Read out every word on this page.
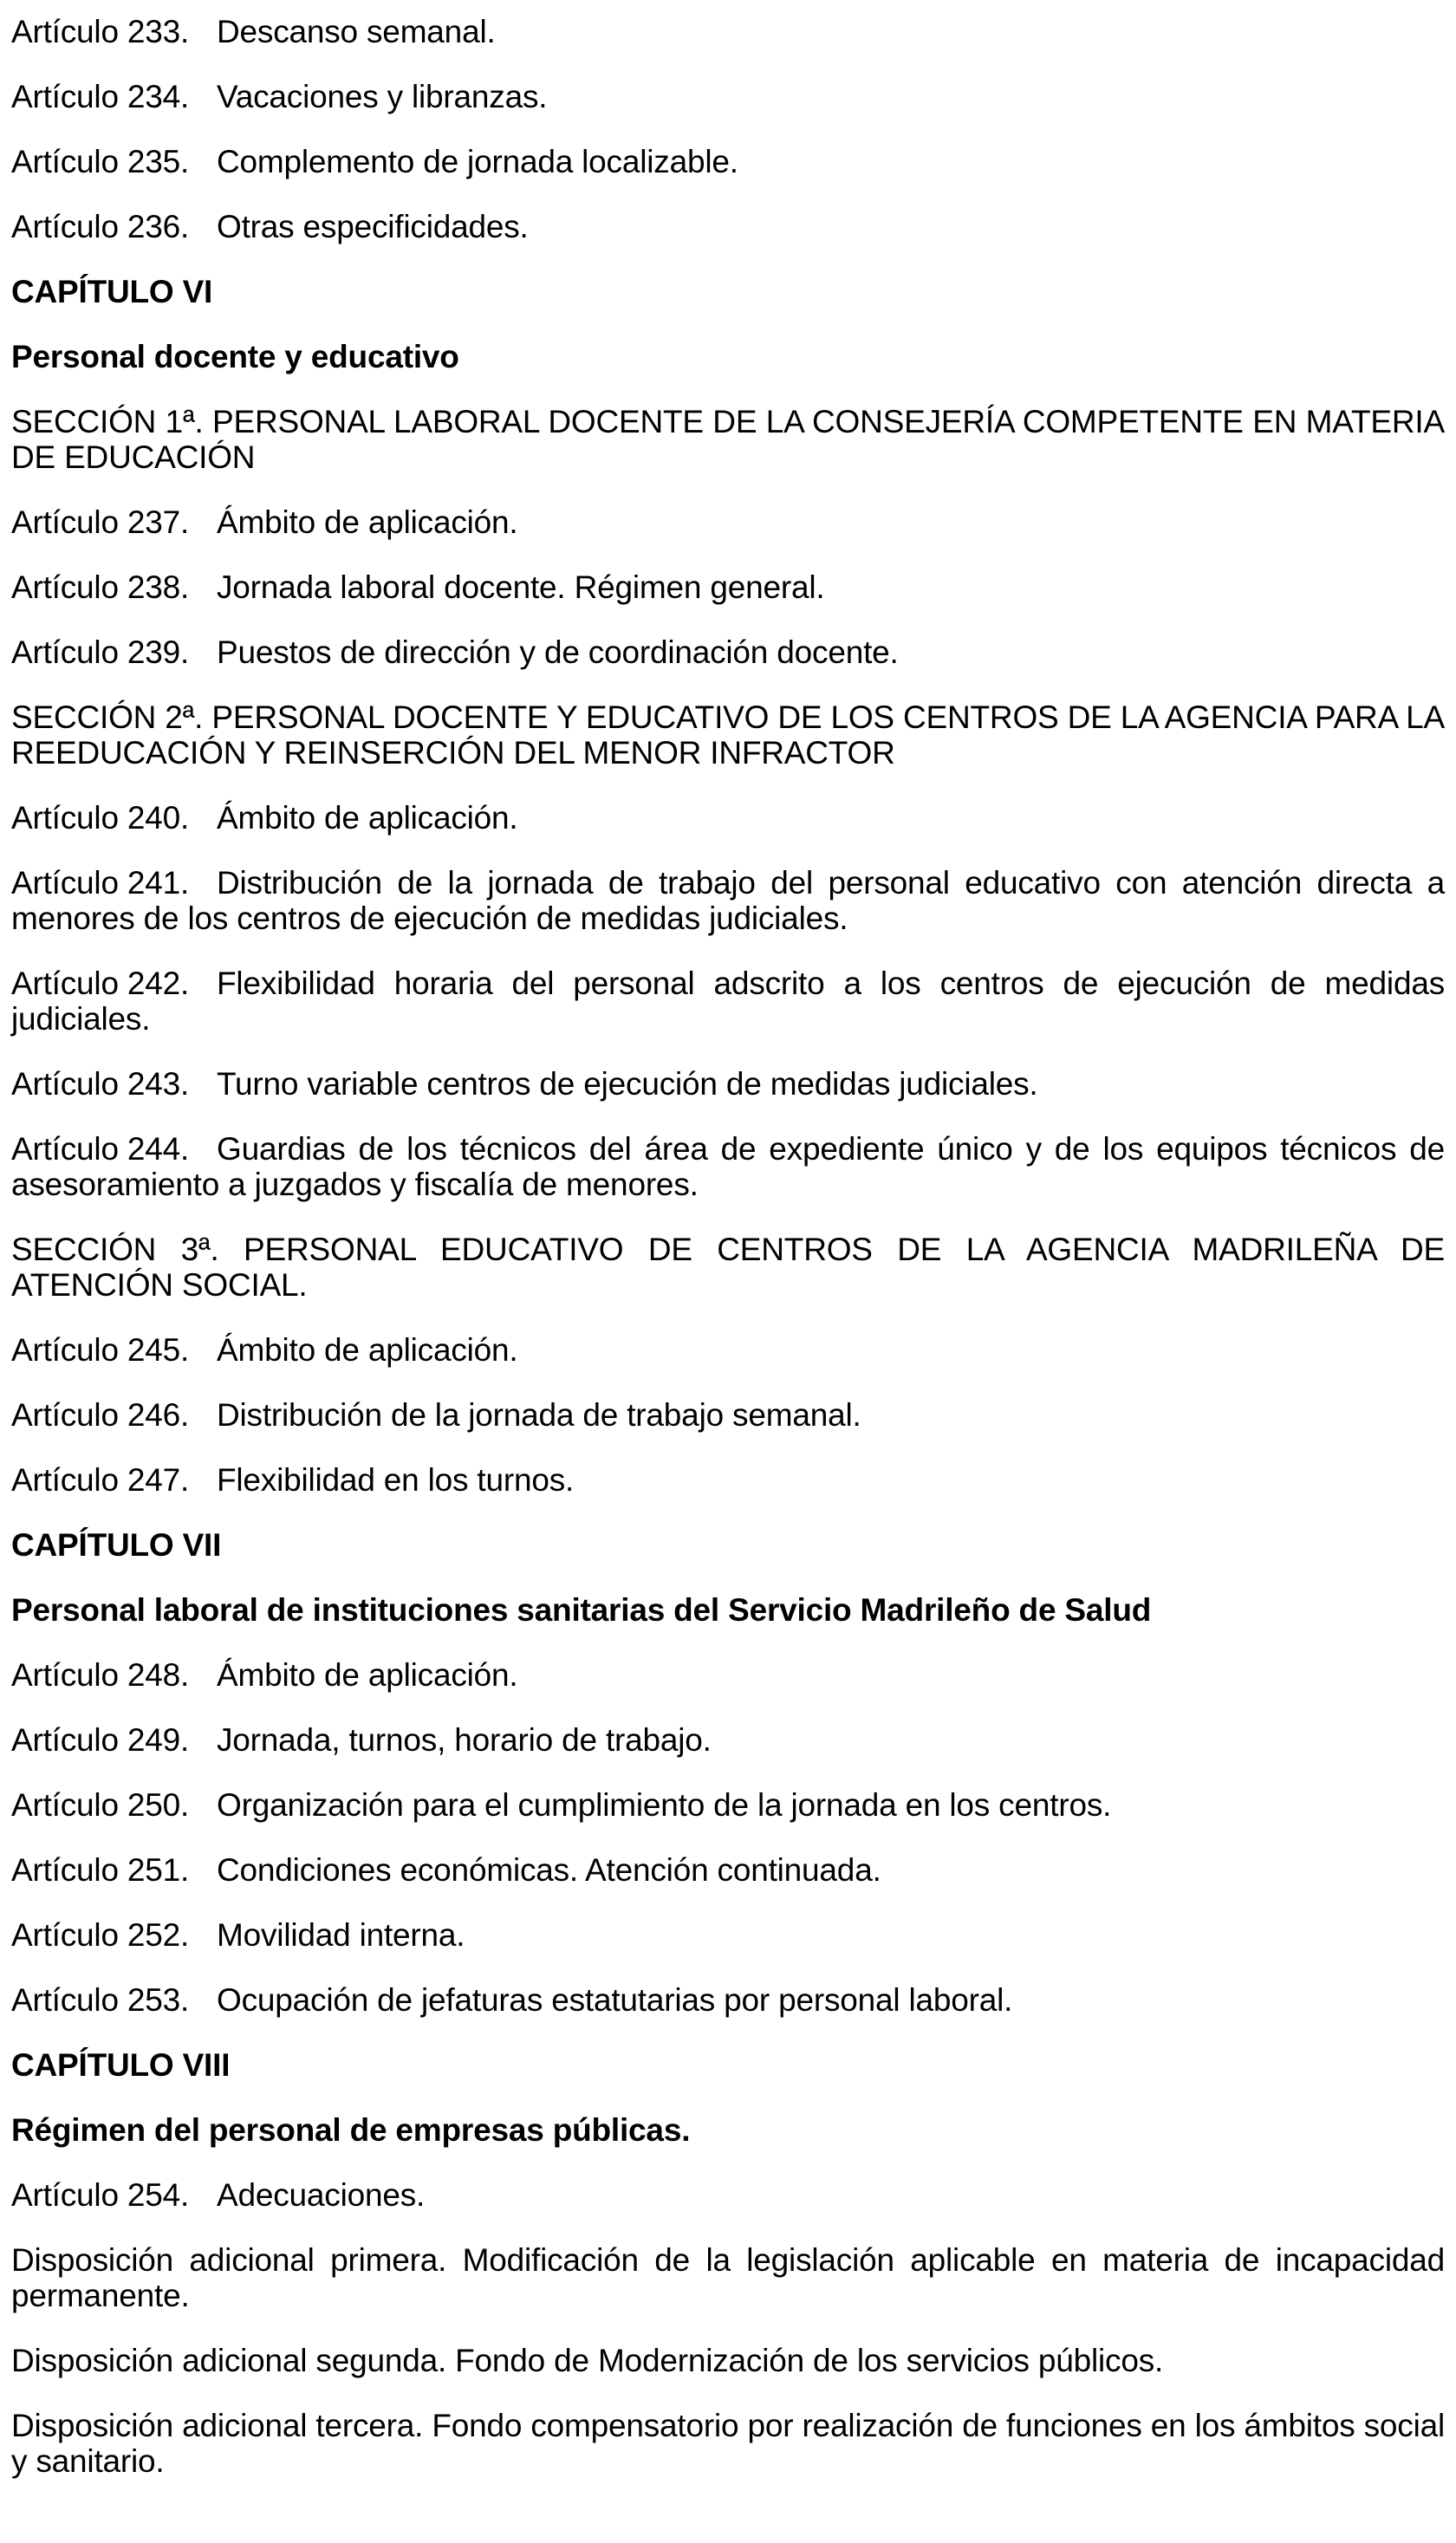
Artículo 233. Descanso semanal.

Artículo 234. Vacaciones y libranzas.

Artículo 235. Complemento de jornada localizable.

Artículo 236. Otras especificidades.

CAPÍTULO VI

Personal docente y educativo

SECCIÓN 1ª. PERSONAL LABORAL DOCENTE DE LA CONSEJERÍA COMPETENTE EN MATERIA DE EDUCACIÓN

Artículo 237. Ámbito de aplicación.

Artículo 238. Jornada laboral docente. Régimen general.

Artículo 239. Puestos de dirección y de coordinación docente.

SECCIÓN 2ª. PERSONAL DOCENTE Y EDUCATIVO DE LOS CENTROS DE LA AGENCIA PARA LA REEDUCACIÓN Y REINSERCIÓN DEL MENOR INFRACTOR

Artículo 240. Ámbito de aplicación.

Artículo 241. Distribución de la jornada de trabajo del personal educativo con atención directa a menores de los centros de ejecución de medidas judiciales.

Artículo 242. Flexibilidad horaria del personal adscrito a los centros de ejecución de medidas judiciales.

Artículo 243. Turno variable centros de ejecución de medidas judiciales.

Artículo 244. Guardias de los técnicos del área de expediente único y de los equipos técnicos de asesoramiento a juzgados y fiscalía de menores.

SECCIÓN 3ª. PERSONAL EDUCATIVO DE CENTROS DE LA AGENCIA MADRILEÑA DE ATENCIÓN SOCIAL.

Artículo 245. Ámbito de aplicación.

Artículo 246. Distribución de la jornada de trabajo semanal.

Artículo 247. Flexibilidad en los turnos.

CAPÍTULO VII

Personal laboral de instituciones sanitarias del Servicio Madrileño de Salud

Artículo 248. Ámbito de aplicación.

Artículo 249. Jornada, turnos, horario de trabajo.

Artículo 250. Organización para el cumplimiento de la jornada en los centros.

Artículo 251. Condiciones económicas. Atención continuada.

Artículo 252. Movilidad interna.

Artículo 253. Ocupación de jefaturas estatutarias por personal laboral.

CAPÍTULO VIII

Régimen del personal de empresas públicas.

Artículo 254. Adecuaciones.

Disposición adicional primera. Modificación de la legislación aplicable en materia de incapacidad permanente.

Disposición adicional segunda. Fondo de Modernización de los servicios públicos.

Disposición adicional tercera. Fondo compensatorio por realización de funciones en los ámbitos social y sanitario.
